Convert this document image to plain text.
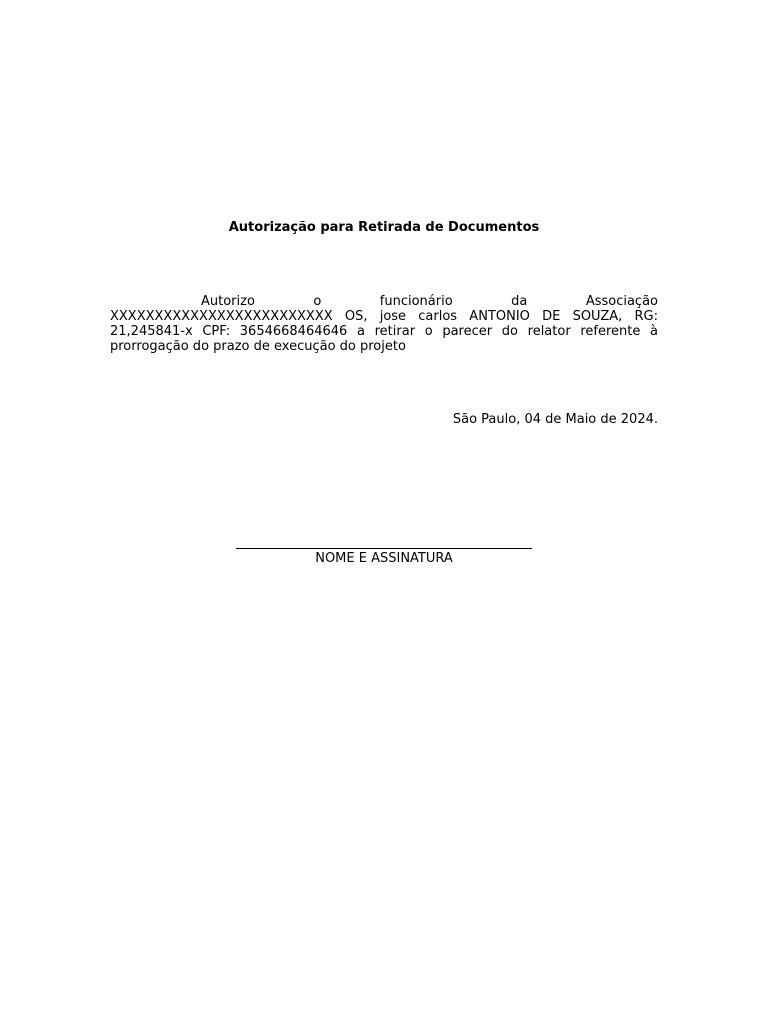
Autorização para Retirada de Documentos

Autorizo o funcionário da Associação XXXXXXXXXXXXXXXXXXXXXXXXX OS, jose carlos ANTONIO DE SOUZA, RG: 21,245841-x CPF: 3654668464646 a retirar o parecer do relator referente à prorrogação do prazo de execução do projeto

São Paulo, 04 de Maio de 2024.
NOME E ASSINATURA
